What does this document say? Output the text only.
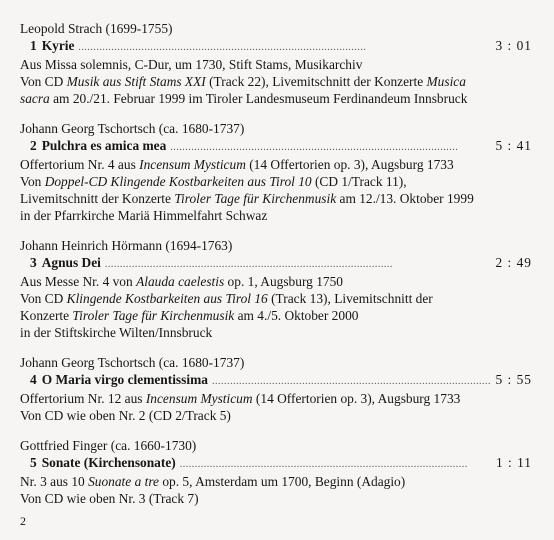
Leopold Strach (1699-1755)
1 Kyrie . . .	3 : 01
Aus Missa solemnis, C-Dur, um 1730, Stift Stams, Musikarchiv
Von CD Musik aus Stift Stams XXI (Track 22), Livemitschnitt der Konzerte Musica
sacra am 20./21. Februar 1999 im Tiroler Landesmuseum Ferdinandeum Innsbruck
Johann Georg Tschortsch (ca. 1680-1737)
2 Pulchra es amica mea . . .	5 : 41
Offertorium Nr. 4 aus Incensum Mysticum (14 Offertorien op. 3), Augsburg 1733
Von Doppel-CD Klingende Kostbarkeiten aus Tirol 10 (CD 1/Track 11),
Livemitschnitt der Konzerte Tiroler Tage für Kirchenmusik am 12./13. Oktober 1999
in der Pfarrkirche Mariä Himmelfahrt Schwaz
Johann Heinrich Hörmann (1694-1763)
3 Agnus Dei . . .	2 : 49
Aus Messe Nr. 4 von Alauda caelestis op. 1, Augsburg 1750
Von CD Klingende Kostbarkeiten aus Tirol 16 (Track 13), Livemitschnitt der
Konzerte Tiroler Tage für Kirchenmusik am 4./5. Oktober 2000
in der Stiftskirche Wilten/Innsbruck
Johann Georg Tschortsch (ca. 1680-1737)
4 O Maria virgo clementissima . . .	5 : 55
Offertorium Nr. 12 aus Incensum Mysticum (14 Offertorien op. 3), Augsburg 1733
Von CD wie oben Nr. 2 (CD 2/Track 5)
Gottfried Finger (ca. 1660-1730)
5 Sonate (Kirchensonate) . . .	1 : 11
Nr. 3 aus 10 Suonate a tre op. 5, Amsterdam um 1700, Beginn (Adagio)
Von CD wie oben Nr. 3 (Track 7)
2
